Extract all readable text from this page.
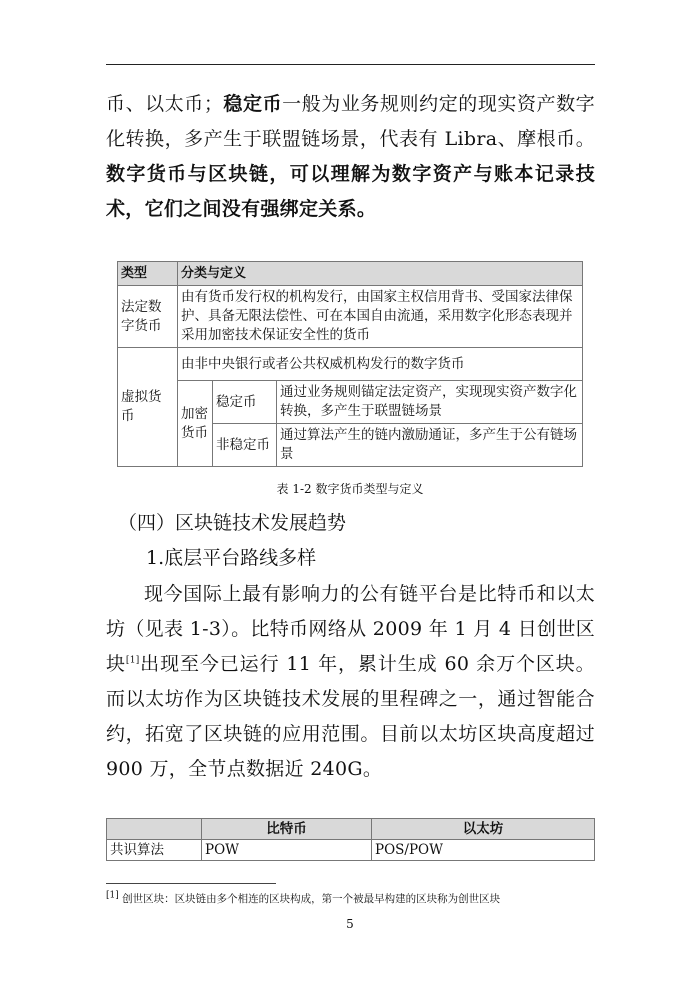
币、以太币；稳定币一般为业务规则约定的现实资产数字化转换，多产生于联盟链场景，代表有 Libra、摩根币。数字货币与区块链，可以理解为数字资产与账本记录技术，它们之间没有强绑定关系。
类型	分类与定义		
法定数字货币	由有货币发行权的机构发行，由国家主权信用背书、受国家法律保护、具备无限法偿性、可在本国自由流通，采用数字化形态表现并采用加密技术保证安全性的货币		
虚拟货币	由非中央银行或者公共权威机构发行的数字货币		
	加密货币	稳定币	通过业务规则锚定法定资产，实现现实资产数字化转换，多产生于联盟链场景
		非稳定币	通过算法产生的链内激励通证，多产生于公有链场景
表 1-2 数字货币类型与定义
（四）区块链技术发展趋势
1.底层平台路线多样
现今国际上最有影响力的公有链平台是比特币和以太坊（见表 1-3）。比特币网络从 2009 年 1 月 4 日创世区块[1]出现至今已运行 11 年，累计生成 60 余万个区块。而以太坊作为区块链技术发展的里程碑之一，通过智能合约，拓宽了区块链的应用范围。目前以太坊区块高度超过 900 万，全节点数据近 240G。
	比特币	以太坊
共识算法	POW	POS/POW
[1] 创世区块：区块链由多个相连的区块构成，第一个被最早构建的区块称为创世区块
5
